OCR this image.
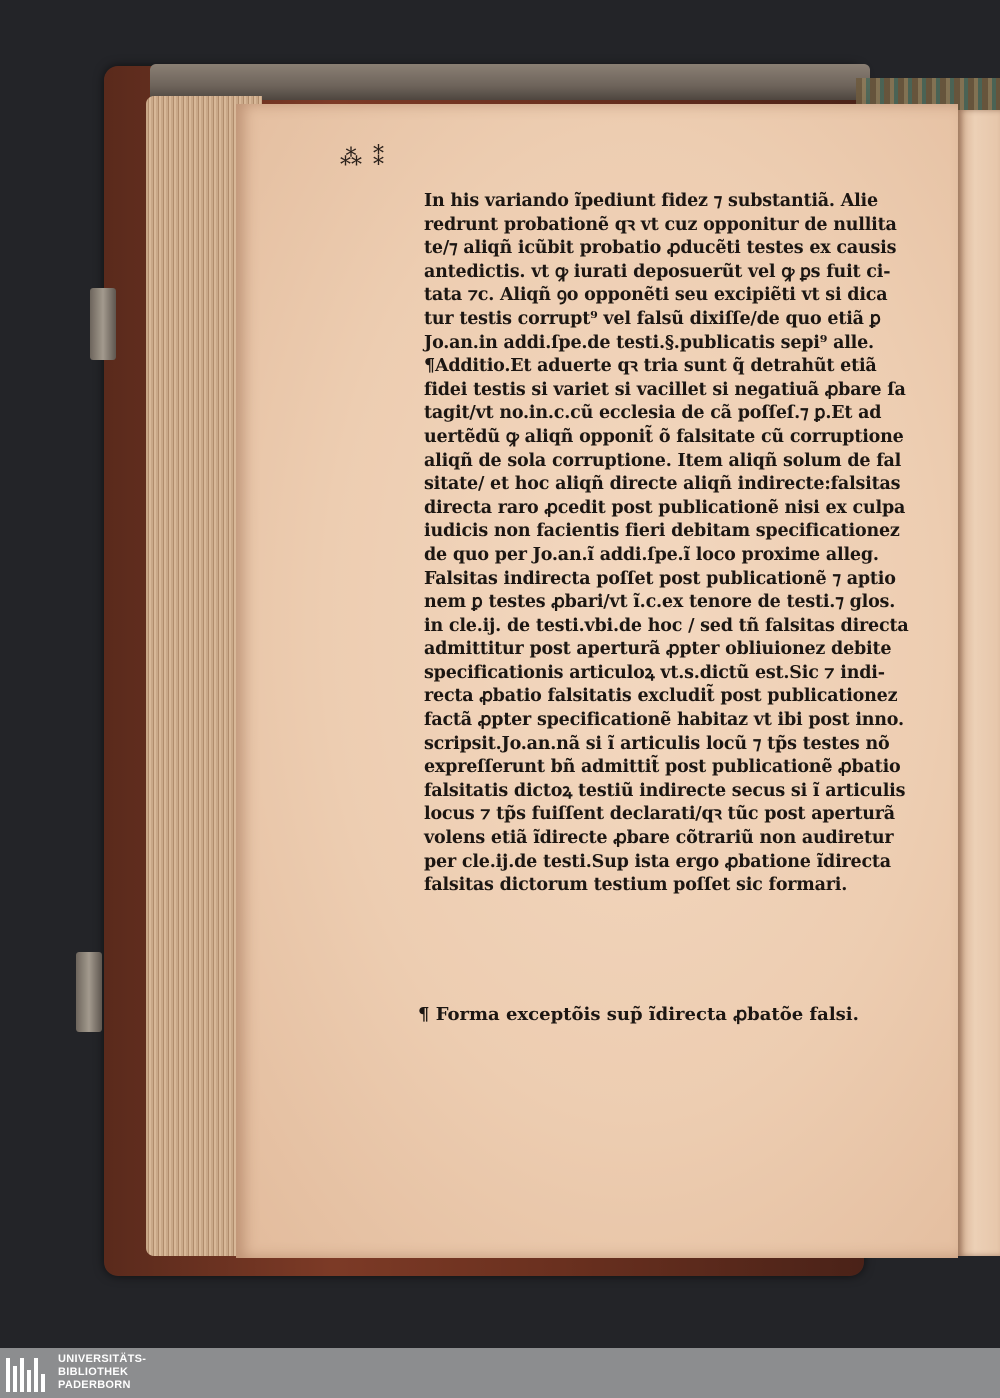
⁂ ⁑
In his variando ĩpediunt fidez ⁊ substantiã. Alie
redrunt probationẽ qꝛ vt cuz opponitur de nullita
te/⁊ aliqñ icũbit probatio ꝓducẽti testes ex causis
antedictis. vt ꝙ iurati deposuerũt vel ꝙ ꝑs fuit ci-
tata ⁊c. Aliqñ ꝯo opponẽti seu excipiẽti vt si dica
tur testis corrupt⁹ vel falsũ dixiſſe/de quo etiã ꝑ
Jo.an.in addi.ſpe.de testi.§.publicatis sepi⁹ alle.
¶Additio.Et aduerte qꝛ tria sunt q̃ detrahũt etiã
fidei testis si variet si vacillet si negatiuã ꝓbare ſa
tagit/vt no.in.c.cũ ecclesia de cã poſſeſ.⁊ ꝑ.Et ad
uertẽdũ ꝙ aliqñ opponit̃ õ falsitate cũ corruptione
aliqñ de sola corruptione. Item aliqñ solum de fal
sitate/ et hoc aliqñ directe aliqñ indirecte:falsitas
directa raro ꝓcedit post publicationẽ nisi ex culpa
iudicis non facientis fieri debitam specificationez
de quo per Jo.an.ĩ addi.ſpe.ĩ loco proxime alleg.
Falsitas indirecta poſſet post publicationẽ ⁊ aptio
nem ꝑ testes ꝓbari/vt ĩ.c.ex tenore de testi.⁊ glos.
in cle.ij. de testi.vbi.de hoc / sed tñ falsitas directa
admittitur post aperturã ꝓpter obliuionez debite
specificationis articuloꝝ vt.s.dictũ est.Sic ⁊ indi-
recta ꝓbatio falsitatis excludit̃ post publicationez
factã ꝓpter specificationẽ habitaz vt ibi post inno.
scripsit.Jo.an.nã si ĩ articulis locũ ⁊ tp̃s testes nõ
expreſſerunt bñ admittit̃ post publicationẽ ꝓbatio
falsitatis dictoꝝ testiũ indirecte secus si ĩ articulis
locus ⁊ tp̃s fuiſſent declarati/qꝛ tũc post aperturã
volens etiã ĩdirecte ꝓbare cõtrariũ non audiretur
per cle.ij.de testi.Sup ista ergo ꝓbatione ĩdirecta
falsitas dictorum testium poſſet sic formari.
¶ Forma exceptõis sup̃ ĩdirecta ꝓbatõe falsi.
UNIVERSITÄTS-
BIBLIOTHEK
PADERBORN
